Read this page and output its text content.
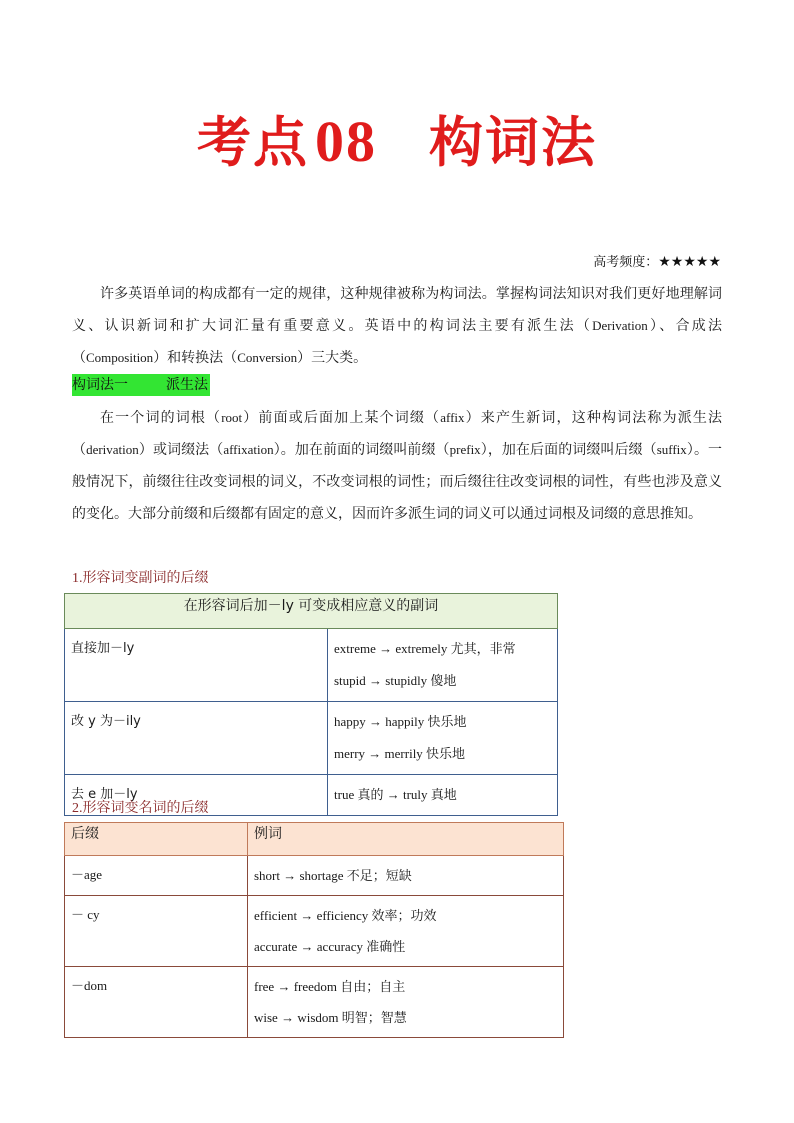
考点 08 构词法
高考频度：★★★★★
许多英语单词的构成都有一定的规律，这种规律被称为构词法。掌握构词法知识对我们更好地理解词义、认识新词和扩大词汇量有重要意义。英语中的构词法主要有派生法（Derivation）、合成法（Composition）和转换法（Conversion）三大类。
构词法一	派生法
在一个词的词根（root）前面或后面加上某个词缀（affix）来产生新词，这种构词法称为派生法（derivation）或词缀法（affixation）。加在前面的词缀叫前缀（prefix），加在后面的词缀叫后缀（suffix）。一般情况下，前缀往往改变词根的词义，不改变词根的词性；而后缀往往改变词根的词性，有些也涉及意义的变化。大部分前缀和后缀都有固定的意义，因而许多派生词的词义可以通过词根及词缀的意思推知。
1.形容词变副词的后缀
在形容词后加－ly 可变成相应意义的副词	
直接加－ly	extreme → extremely 尤其，非常
stupid → stupidly 傻地

改 y 为－ily	happy → happily 快乐地
merry → merrily 快乐地

去 e 加－ly	true 真的 → truly 真地
2.形容词变名词的后缀
后缀	例词
－age	short → shortage 不足；短缺

－ cy	efficient → efficiency 效率；功效
accurate → accuracy 准确性

－dom	free → freedom 自由；自主
wise → wisdom 明智；智慧
